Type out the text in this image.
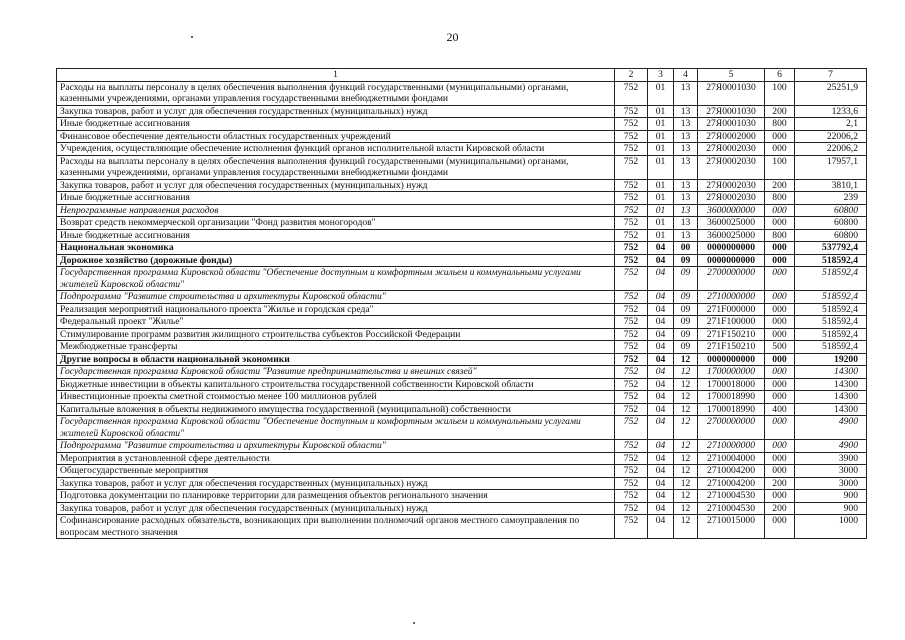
20
1	2	3	4	5	6	7
Расходы на выплаты персоналу в целях обеспечения выполнения функций государственными (муниципальными) органами, казенными учреждениями, органами управления государственными внебюджетными фондами	752	01	13	27Я0001030	100	25251,9
Закупка товаров, работ и услуг для обеспечения государственных (муниципальных) нужд	752	01	13	27Я0001030	200	1233,6
Иные бюджетные ассигнования	752	01	13	27Я0001030	800	2,1
Финансовое обеспечение деятельности областных государственных учреждений	752	01	13	27Я0002000	000	22006,2
Учреждения, осуществляющие обеспечение исполнения функций органов исполнительной власти Кировской области	752	01	13	27Я0002030	000	22006,2
Расходы на выплаты персоналу в целях обеспечения выполнения функций государственными (муниципальными) органами, казенными учреждениями, органами управления государственными внебюджетными фондами	752	01	13	27Я0002030	100	17957,1
Закупка товаров, работ и услуг для обеспечения государственных (муниципальных) нужд	752	01	13	27Я0002030	200	3810,1
Иные бюджетные ассигнования	752	01	13	27Я0002030	800	239
Непрограммные направления расходов	752	01	13	3600000000	000	60800
Возврат средств некоммерческой организации "Фонд развития моногородов"	752	01	13	3600025000	000	60800
Иные бюджетные ассигнования	752	01	13	3600025000	800	60800
Национальная экономика	752	04	00	0000000000	000	537792,4
Дорожное хозяйство (дорожные фонды)	752	04	09	0000000000	000	518592,4
Государственная программа Кировской области "Обеспечение доступным и комфортным жильем и коммунальными услугами жителей Кировской области"	752	04	09	2700000000	000	518592,4
Подпрограмма "Развитие строительства и архитектуры Кировской области"	752	04	09	2710000000	000	518592,4
Реализация мероприятий национального проекта "Жилье и городская среда"	752	04	09	271F000000	000	518592,4
Федеральный проект "Жилье"	752	04	09	271F100000	000	518592,4
Стимулирование программ развития жилищного строительства субъектов Российской Федерации	752	04	09	271F150210	000	518592,4
Межбюджетные трансферты	752	04	09	271F150210	500	518592,4
Другие вопросы в области национальной экономики	752	04	12	0000000000	000	19200
Государственная программа Кировской области "Развитие предпринимательства и внешних связей"	752	04	12	1700000000	000	14300
Бюджетные инвестиции в объекты капитального строительства государственной собственности Кировской области	752	04	12	1700018000	000	14300
Инвестиционные проекты сметной стоимостью менее 100 миллионов рублей	752	04	12	1700018990	000	14300
Капитальные вложения в объекты недвижимого имущества государственной (муниципальной) собственности	752	04	12	1700018990	400	14300
Государственная программа Кировской области "Обеспечение доступным и комфортным жильем и коммунальными услугами жителей Кировской области"	752	04	12	2700000000	000	4900
Подпрограмма "Развитие строительства и архитектуры Кировской области"	752	04	12	2710000000	000	4900
Мероприятия в установленной сфере деятельности	752	04	12	2710004000	000	3900
Общегосударственные мероприятия	752	04	12	2710004200	000	3000
Закупка товаров, работ и услуг для обеспечения государственных (муниципальных) нужд	752	04	12	2710004200	200	3000
Подготовка документации по планировке территории для размещения объектов регионального значения	752	04	12	2710004530	000	900
Закупка товаров, работ и услуг для обеспечения государственных (муниципальных) нужд	752	04	12	2710004530	200	900
Софинансирование расходных обязательств, возникающих при выполнении полномочий органов местного самоуправления по вопросам местного значения	752	04	12	2710015000	000	1000
